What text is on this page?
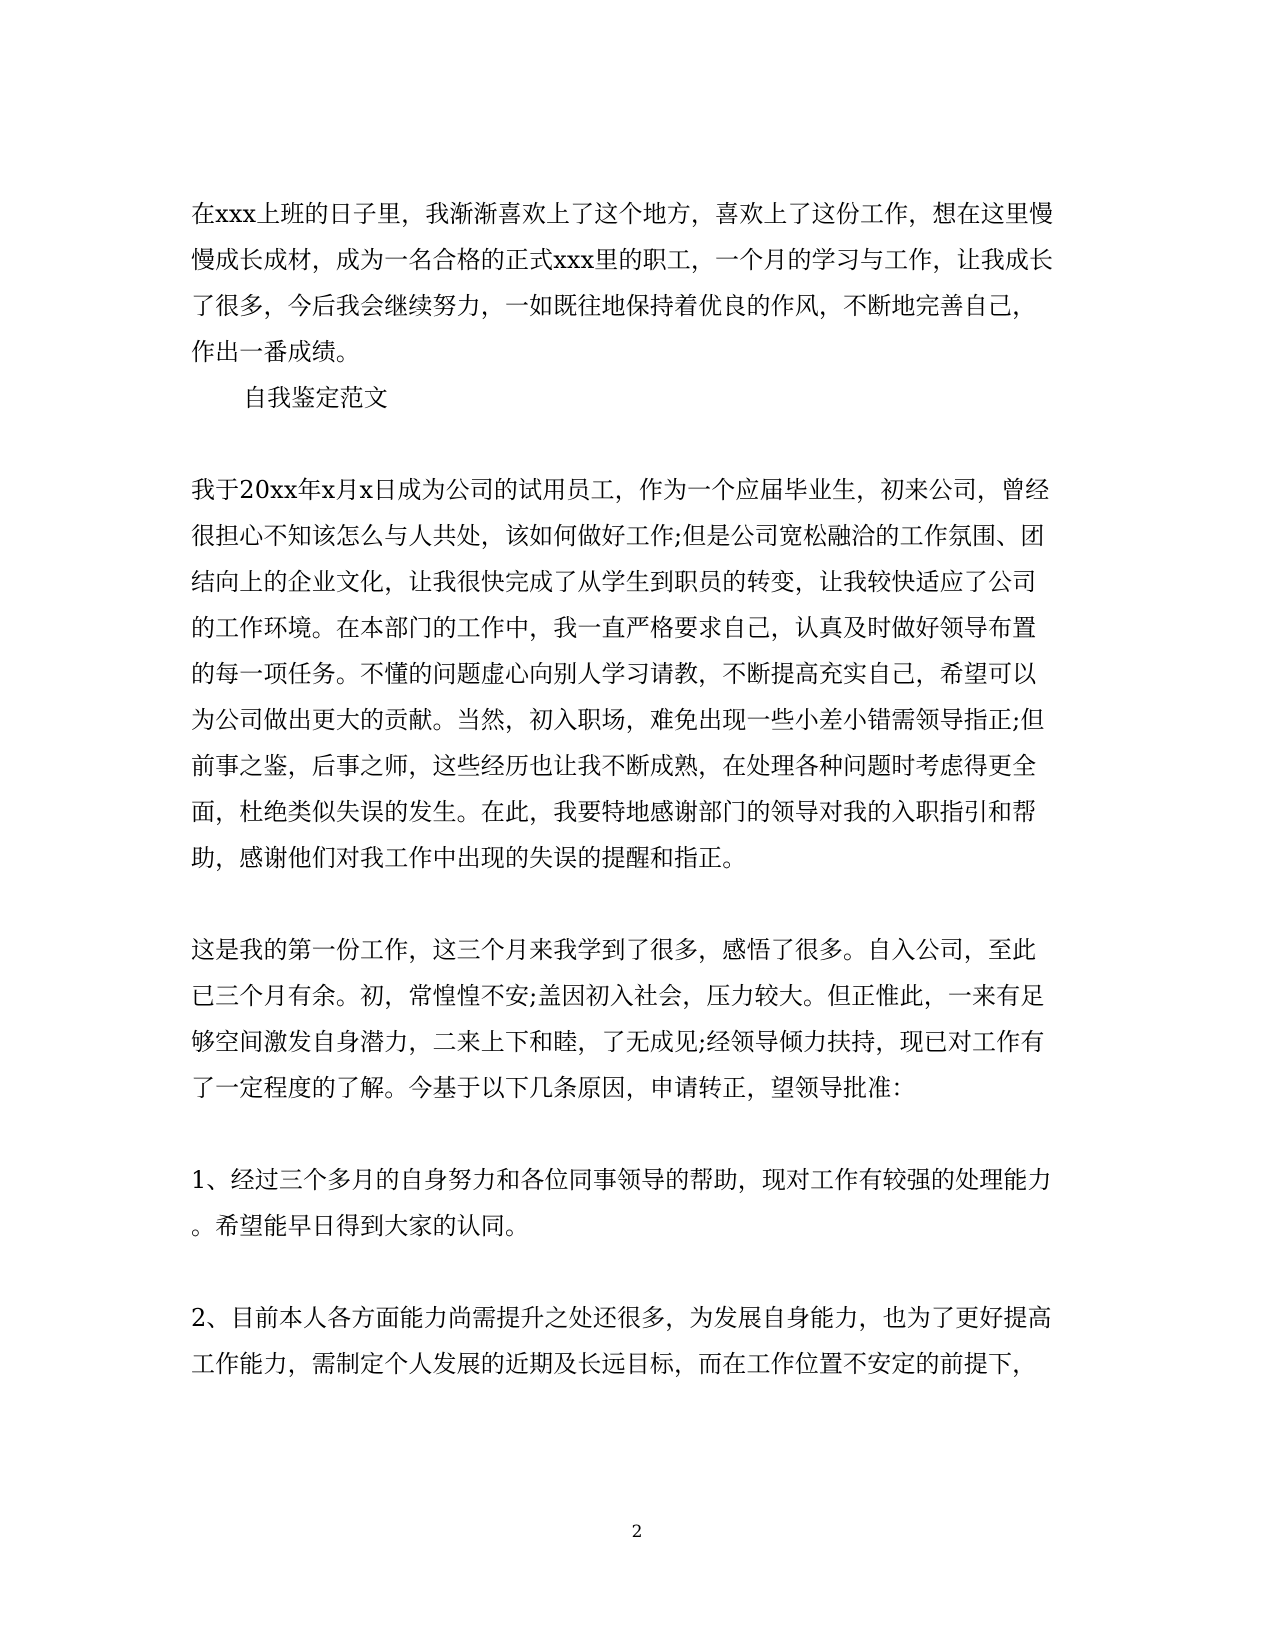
在xxx上班的日子里，我渐渐喜欢上了这个地方，喜欢上了这份工作，想在这里慢
慢成长成材，成为一名合格的正式xxx里的职工，一个月的学习与工作，让我成长
了很多，今后我会继续努力，一如既往地保持着优良的作风，不断地完善自己，
作出一番成绩。
自我鉴定范文
我于20xx年x月x日成为公司的试用员工，作为一个应届毕业生，初来公司，曾经
很担心不知该怎么与人共处，该如何做好工作;但是公司宽松融洽的工作氛围、团
结向上的企业文化，让我很快完成了从学生到职员的转变，让我较快适应了公司
的工作环境。在本部门的工作中，我一直严格要求自己，认真及时做好领导布置
的每一项任务。不懂的问题虚心向别人学习请教，不断提高充实自己，希望可以
为公司做出更大的贡献。当然，初入职场，难免出现一些小差小错需领导指正;但
前事之鉴，后事之师，这些经历也让我不断成熟，在处理各种问题时考虑得更全
面，杜绝类似失误的发生。在此，我要特地感谢部门的领导对我的入职指引和帮
助，感谢他们对我工作中出现的失误的提醒和指正。
这是我的第一份工作，这三个月来我学到了很多，感悟了很多。自入公司，至此
已三个月有余。初，常惶惶不安;盖因初入社会，压力较大。但正惟此，一来有足
够空间激发自身潜力，二来上下和睦，了无成见;经领导倾力扶持，现已对工作有
了一定程度的了解。今基于以下几条原因，申请转正，望领导批准：
1、经过三个多月的自身努力和各位同事领导的帮助，现对工作有较强的处理能力
。希望能早日得到大家的认同。
2、目前本人各方面能力尚需提升之处还很多，为发展自身能力，也为了更好提高
工作能力，需制定个人发展的近期及长远目标，而在工作位置不安定的前提下，
2
